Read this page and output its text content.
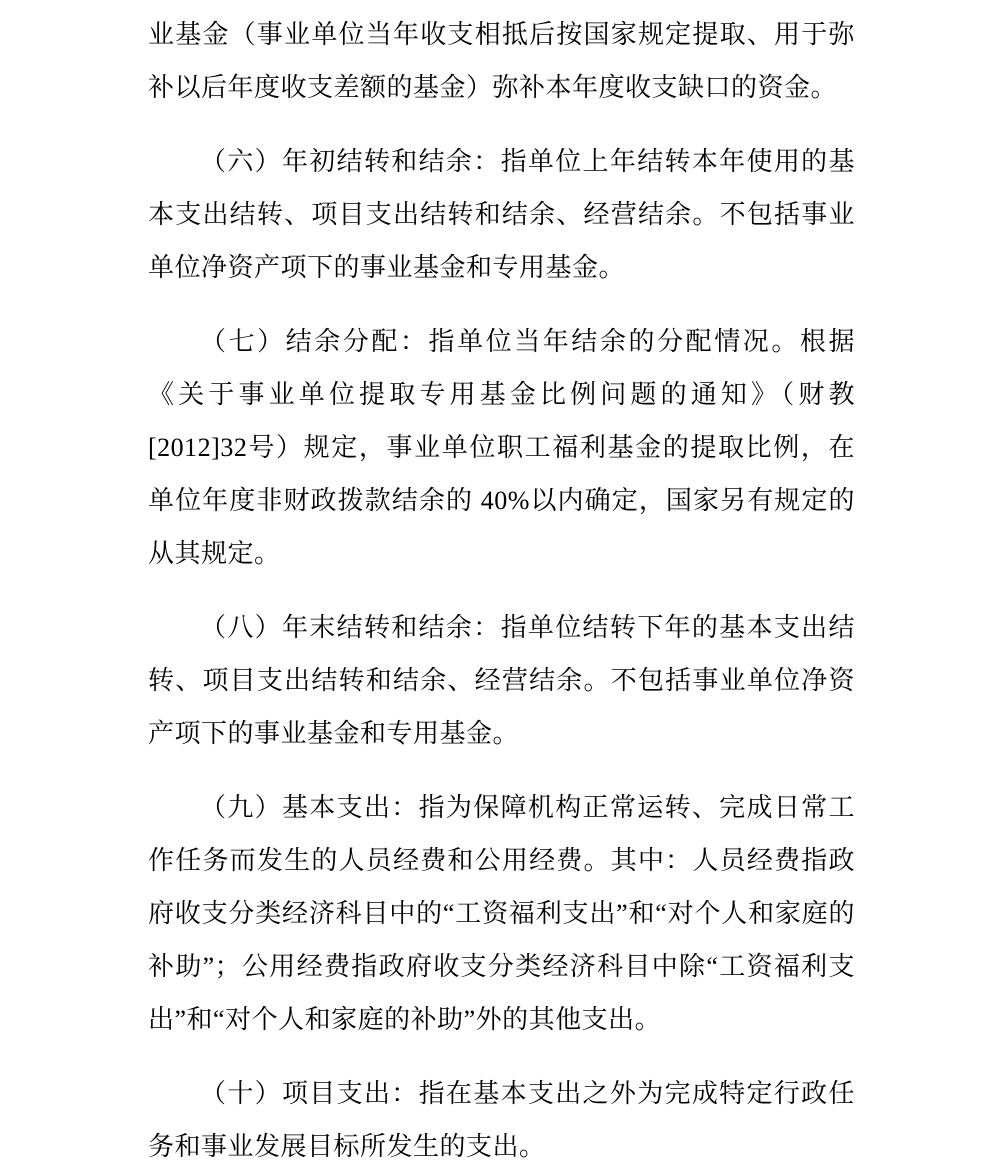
业基金（事业单位当年收支相抵后按国家规定提取、用于弥补以后年度收支差额的基金）弥补本年度收支缺口的资金。

（六）年初结转和结余：指单位上年结转本年使用的基本支出结转、项目支出结转和结余、经营结余。不包括事业单位净资产项下的事业基金和专用基金。

（七）结余分配：指单位当年结余的分配情况。根据《关于事业单位提取专用基金比例问题的通知》（财教[2012]32号）规定，事业单位职工福利基金的提取比例，在单位年度非财政拨款结余的 40%以内确定，国家另有规定的从其规定。

（八）年末结转和结余：指单位结转下年的基本支出结转、项目支出结转和结余、经营结余。不包括事业单位净资产项下的事业基金和专用基金。

（九）基本支出：指为保障机构正常运转、完成日常工作任务而发生的人员经费和公用经费。其中：人员经费指政府收支分类经济科目中的“工资福利支出”和“对个人和家庭的补助”；公用经费指政府收支分类经济科目中除“工资福利支出”和“对个人和家庭的补助”外的其他支出。

（十）项目支出：指在基本支出之外为完成特定行政任务和事业发展目标所发生的支出。
